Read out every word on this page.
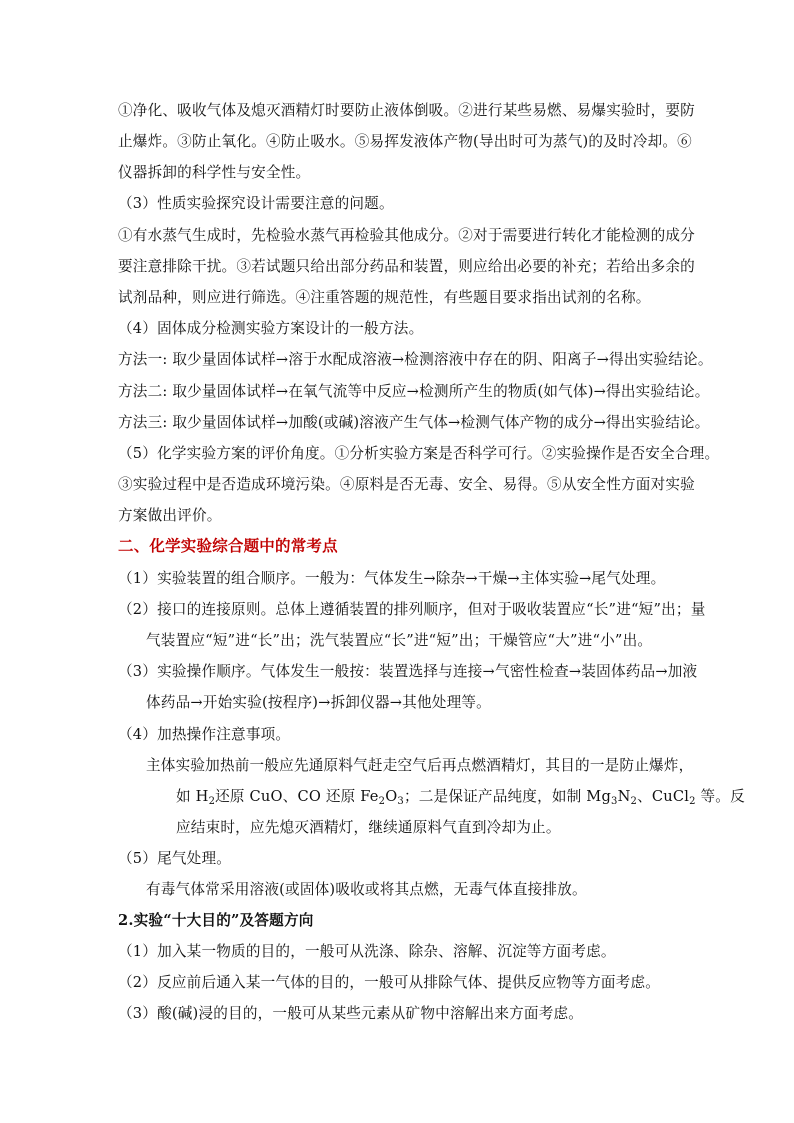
①净化、吸收气体及熄灭酒精灯时要防止液体倒吸。②进行某些易燃、易爆实验时，要防
止爆炸。③防止氧化。④防止吸水。⑤易挥发液体产物(导出时可为蒸气)的及时冷却。⑥
仪器拆卸的科学性与安全性。
（3）性质实验探究设计需要注意的问题。
①有水蒸气生成时，先检验水蒸气再检验其他成分。②对于需要进行转化才能检测的成分
要注意排除干扰。③若试题只给出部分药品和装置，则应给出必要的补充；若给出多余的
试剂品种，则应进行筛选。④注重答题的规范性，有些题目要求指出试剂的名称。
（4）固体成分检测实验方案设计的一般方法。
方法一: 取少量固体试样→溶于水配成溶液→检测溶液中存在的阴、阳离子→得出实验结论。
方法二: 取少量固体试样→在氧气流等中反应→检测所产生的物质(如气体)→得出实验结论。
方法三: 取少量固体试样→加酸(或碱)溶液产生气体→检测气体产物的成分→得出实验结论。
（5）化学实验方案的评价角度。①分析实验方案是否科学可行。②实验操作是否安全合理。
③实验过程中是否造成环境污染。④原料是否无毒、安全、易得。⑤从安全性方面对实验
方案做出评价。
二、化学实验综合题中的常考点
（1）实验装置的组合顺序。一般为：气体发生→除杂→干燥→主体实验→尾气处理。
（2）接口的连接原则。总体上遵循装置的排列顺序，但对于吸收装置应“长”进“短”出；量
气装置应“短”进“长”出；洗气装置应“长”进“短”出；干燥管应“大”进“小”出。
（3）实验操作顺序。气体发生一般按：装置选择与连接→气密性检查→装固体药品→加液
体药品→开始实验(按程序)→拆卸仪器→其他处理等。
（4）加热操作注意事项。
主体实验加热前一般应先通原料气赶走空气后再点燃酒精灯，其目的一是防止爆炸，
如 $H_2$还原 CuO、CO 还原 $Fe_2O_3$；二是保证产品纯度，如制 $Mg_3N_2$、CuCl$_2$ 等。反
应结束时，应先熄灭酒精灯，继续通原料气直到冷却为止。
（5）尾气处理。
有毒气体常采用溶液(或固体)吸收或将其点燃，无毒气体直接排放。
2.实验“十大目的”及答题方向
（1）加入某一物质的目的，一般可从洗涤、除杂、溶解、沉淀等方面考虑。
（2）反应前后通入某一气体的目的，一般可从排除气体、提供反应物等方面考虑。
（3）酸(碱)浸的目的，一般可从某些元素从矿物中溶解出来方面考虑。
